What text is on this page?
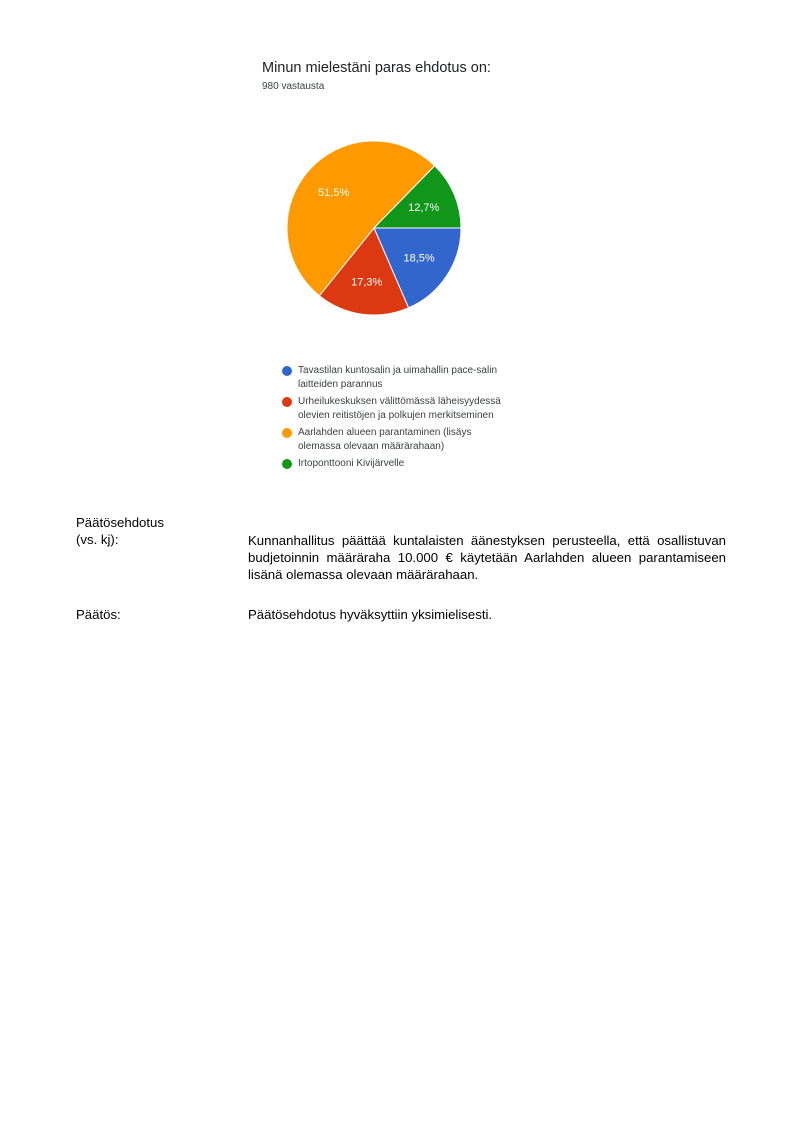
Minun mielestäni paras ehdotus on:
980 vastausta
18,5%
17,3%
51,5%
12,7%
Tavastilan kuntosalin ja uimahallin pace-salin laitteiden parannus
Urheilukeskuksen välittömässä läheisyydessä olevien reitistöjen ja polkujen merkitseminen
Aarlahden alueen parantaminen (lisäys olemassa olevaan määrärahaan)
Irtoponttooni Kivijärvelle
Päätösehdotus
(vs. kj):	Kunnanhallitus päättää kuntalaisten äänestyksen perusteella, että osallistuvan budjetoinnin määräraha 10.000 € käytetään Aarlahden alueen parantamiseen lisänä olemassa olevaan määrärahaan.
Päätös:	Päätösehdotus hyväksyttiin yksimielisesti.
